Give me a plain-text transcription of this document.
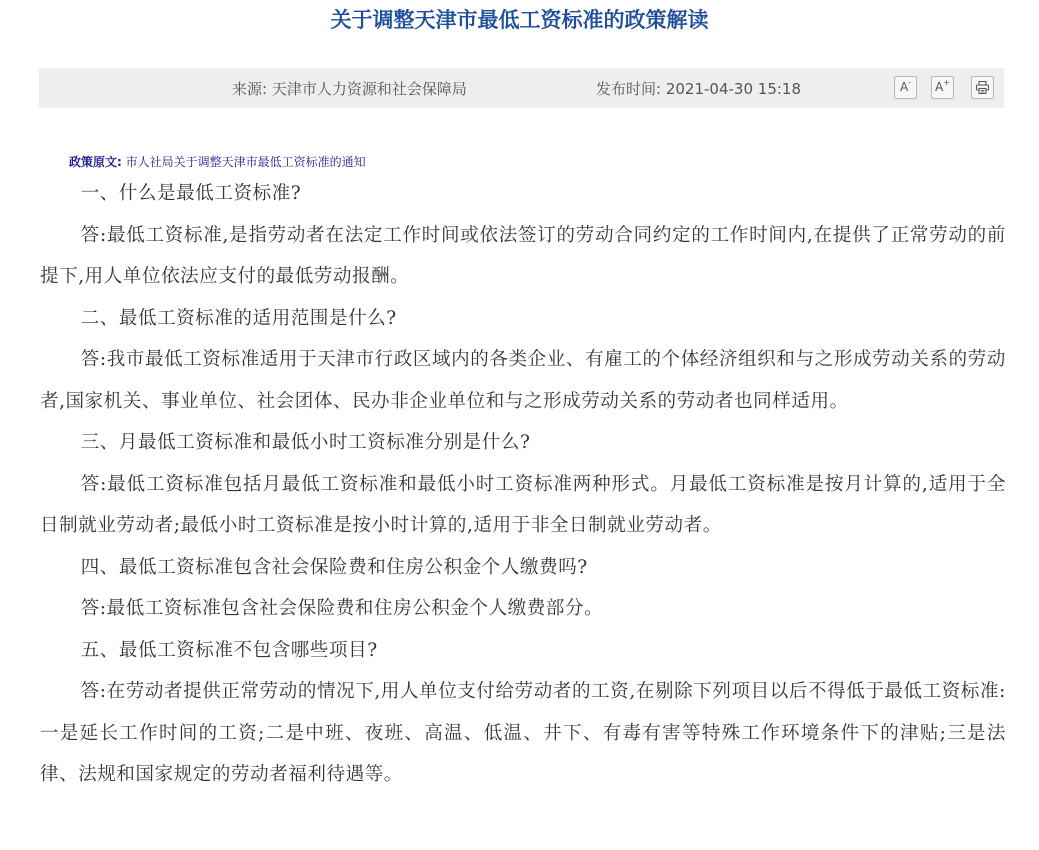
关于调整天津市最低工资标准的政策解读
来源: 天津市人力资源和社会保障局	发布时间: 2021-04-30 15:18	A-	A+
政策原文: 市人社局关于调整天津市最低工资标准的通知

一、什么是最低工资标准?

答:最低工资标准,是指劳动者在法定工作时间或依法签订的劳动合同约定的工作时间内,在提供了正常劳动的前提下,用人单位依法应支付的最低劳动报酬。

二、最低工资标准的适用范围是什么?

答:我市最低工资标准适用于天津市行政区域内的各类企业、有雇工的个体经济组织和与之形成劳动关系的劳动者,国家机关、事业单位、社会团体、民办非企业单位和与之形成劳动关系的劳动者也同样适用。

三、月最低工资标准和最低小时工资标准分别是什么?

答:最低工资标准包括月最低工资标准和最低小时工资标准两种形式。月最低工资标准是按月计算的,适用于全日制就业劳动者;最低小时工资标准是按小时计算的,适用于非全日制就业劳动者。

四、最低工资标准包含社会保险费和住房公积金个人缴费吗?

答:最低工资标准包含社会保险费和住房公积金个人缴费部分。

五、最低工资标准不包含哪些项目?

答:在劳动者提供正常劳动的情况下,用人单位支付给劳动者的工资,在剔除下列项目以后不得低于最低工资标准:一是延长工作时间的工资;二是中班、夜班、高温、低温、井下、有毒有害等特殊工作环境条件下的津贴;三是法律、法规和国家规定的劳动者福利待遇等。
